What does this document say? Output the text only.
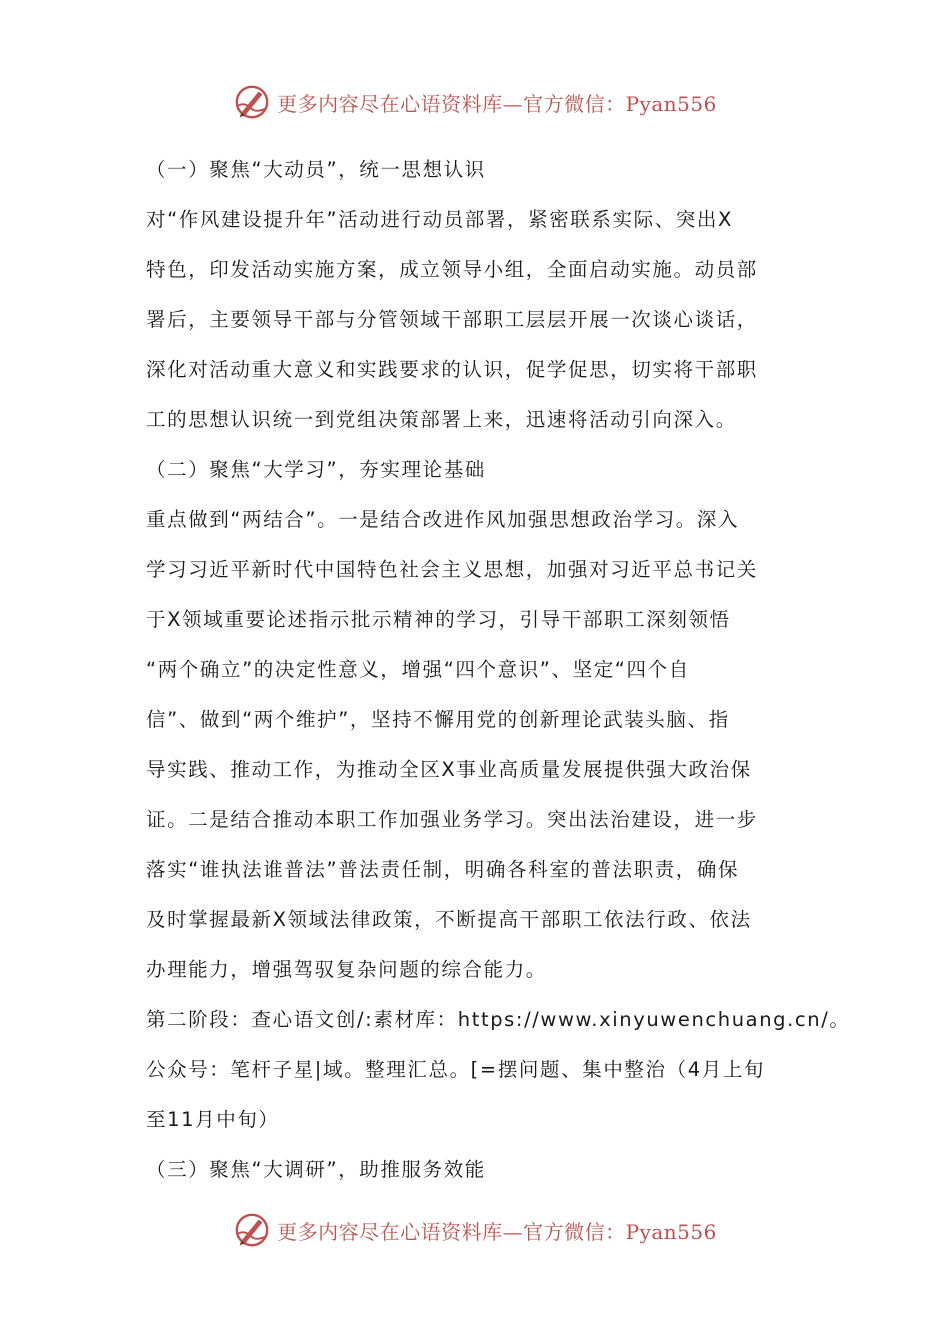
更多内容尽在心语资料库—官方微信：Pyan556

（一）聚焦“大动员”，统一思想认识

对“作风建设提升年”活动进行动员部署，紧密联系实际、突出X

特色，印发活动实施方案，成立领导小组，全面启动实施。动员部

署后，主要领导干部与分管领域干部职工层层开展一次谈心谈话，

深化对活动重大意义和实践要求的认识，促学促思，切实将干部职

工的思想认识统一到党组决策部署上来，迅速将活动引向深入。

（二）聚焦“大学习”，夯实理论基础

重点做到“两结合”。一是结合改进作风加强思想政治学习。深入

学习习近平新时代中国特色社会主义思想，加强对习近平总书记关

于X领域重要论述指示批示精神的学习，引导干部职工深刻领悟

“两个确立”的决定性意义，增强“四个意识”、坚定“四个自

信”、做到“两个维护”，坚持不懈用党的创新理论武装头脑、指

导实践、推动工作，为推动全区X事业高质量发展提供强大政治保

证。二是结合推动本职工作加强业务学习。突出法治建设，进一步

落实“谁执法谁普法”普法责任制，明确各科室的普法职责，确保

及时掌握最新X领域法律政策，不断提高干部职工依法行政、依法

办理能力，增强驾驭复杂问题的综合能力。

第二阶段：查心语文创/:素材库：https://www.xinyuwenchuang.cn/。

公众号：笔杆子星|域。整理汇总。[=摆问题、集中整治（4月上旬

至11月中旬）

（三）聚焦“大调研”，助推服务效能

更多内容尽在心语资料库—官方微信：Pyan556
